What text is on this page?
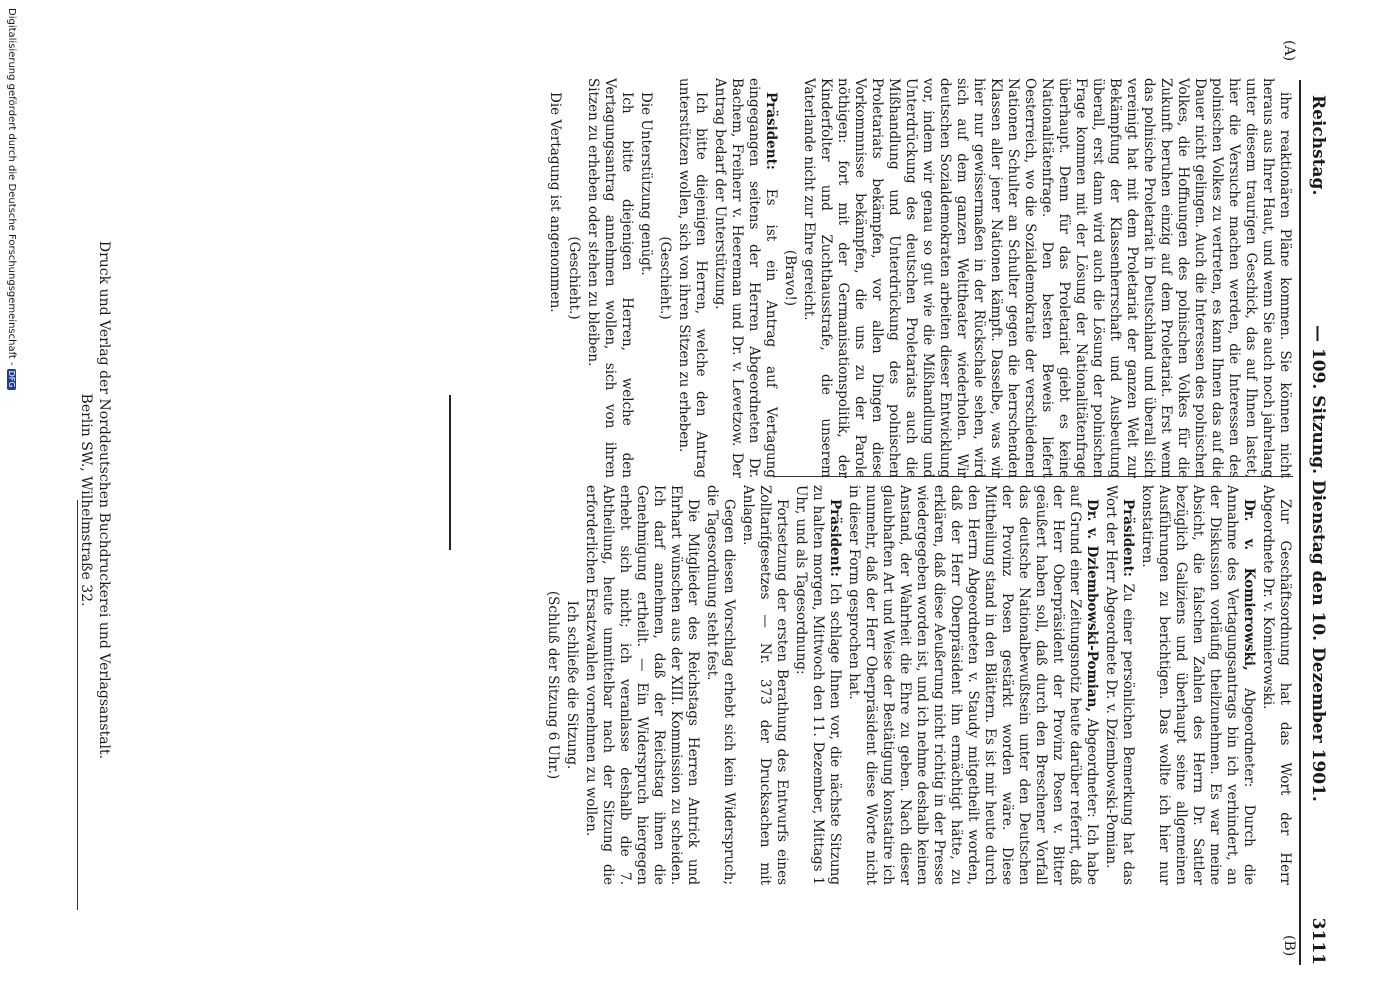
Reichstag.
— 109. Sitzung. Dienstag den 10. Dezember 1901.
3111
(A)
(B)

ihre reaktionären Pläne kommen. Sie können nicht heraus aus Ihrer Haut, und wenn Sie auch noch jahrelang unter diesem traurigen Geschick, das auf Ihnen lastet, hier die Versuche machen werden, die Interessen des polnischen Volkes zu vertreten, es kann Ihnen das auf die Dauer nicht gelingen. Auch die Interessen des polnischen Volkes, die Hoffnungen des polnischen Volkes für die Zukunft beruhen einzig auf dem Proletariat. Erst wenn das polnische Proletariat in Deutschland und überall sich vereinigt hat mit dem Proletariat der ganzen Welt zur Bekämpfung der Klassenherrschaft und Ausbeutung überall, erst dann wird auch die Lösung der polnischen Frage kommen mit der Lösung der Nationalitätenfrage überhaupt. Denn für das Proletariat giebt es keine Nationalitätenfrage. Den besten Beweis liefert Oesterreich, wo die Sozialdemokratie der verschiedenen Nationen Schulter an Schulter gegen die herrschenden Klassen aller jener Nationen kämpft. Dasselbe, was wir hier nur gewissermaßen in der Rückschale sehen, wird sich auf dem ganzen Welttheater wiederholen. Wir deutschen Sozialdemokraten arbeiten dieser Entwicklung vor, indem wir genau so gut wie die Mißhandlung und Unterdrückung des deutschen Proletariats auch die Mißhandlung und Unterdrückung des polnischen Proletariats bekämpfen, vor allen Dingen diese Vorkommnisse bekämpfen, die uns zu der Parole nöthigen: fort mit der Germanisationspolitik, der Kinderfolter und Zuchthausstrafe, die unserem Vaterlande nicht zur Ehre gereicht.

(Bravo!)

Präsident: Es ist ein Antrag auf Vertagung eingegangen seitens der Herren Abgeordneten Dr. Bachem, Freiherr v. Heereman und Dr. v. Levetzow. Der Antrag bedarf der Unterstützung.

Ich bitte diejenigen Herren, welche den Antrag unterstützen wollen, sich von ihren Sitzen zu erheben.

(Geschieht.)

Die Unterstützung genügt.

Ich bitte diejenigen Herren, welche den Vertagungsantrag annehmen wollen, sich von ihren Sitzen zu erheben oder stehen zu bleiben.

(Geschieht.)

Die Vertagung ist angenommen.

Zur Geschäftsordnung hat das Wort der Herr Abgeordnete Dr. v. Komierowski.

Dr. v. Komierowski, Abgeordneter: Durch die Annahme des Vertagungsantrags bin ich verhindert, an der Diskussion vorläufig theilzunehmen. Es war meine Absicht, die falschen Zahlen des Herrn Dr. Sattler bezüglich Galiziens und überhaupt seine allgemeinen Ausführungen zu berichtigen. Das wollte ich hier nur konstatiren.

Präsident: Zu einer persönlichen Bemerkung hat das Wort der Herr Abgeordnete Dr. v. Dziembowski-Pomian.

Dr. v. Dziembowski-Pomian, Abgeordneter: Ich habe auf Grund einer Zeitungsnotiz heute darüber referirt, daß der Herr Oberpräsident der Provinz Posen v. Bitter geäußert haben soll, daß durch den Breschener Vorfall das deutsche Nationalbewußtsein unter den Deutschen der Provinz Posen gestärkt worden wäre. Diese Mittheilung stand in den Blättern. Es ist mir heute durch den Herrn Abgeordneten v. Staudy mitgetheilt worden, daß der Herr Oberpräsident ihn ermächtigt hätte, zu erklären, daß diese Aeußerung nicht richtig in der Presse wiedergegeben worden ist, und ich nehme deshalb keinen Anstand, der Wahrheit die Ehre zu geben. Nach dieser glaubhaften Art und Weise der Bestätigung konstatire ich nunmehr, daß der Herr Oberpräsident diese Worte nicht in dieser Form gesprochen hat.

Präsident: Ich schlage Ihnen vor, die nächste Sitzung zu halten morgen, Mittwoch den 11. Dezember, Mittags 1 Uhr, und als Tagesordnung:

Fortsetzung der ersten Berathung des Entwurfs eines Zolltarifgesetzes — Nr. 373 der Drucksachen mit Anlagen.

Gegen diesen Vorschlag erhebt sich kein Widerspruch; die Tagesordnung steht fest.

Die Mitglieder des Reichstags Herren Antrick und Ehrhart wünschen aus der XIII. Kommission zu scheiden. Ich darf annehmen, daß der Reichstag ihnen die Genehmigung ertheilt. — Ein Widerspruch hiergegen erhebt sich nicht; ich veranlasse deshalb die 7. Abtheilung, heute unmittelbar nach der Sitzung die erforderlichen Ersatzwahlen vornehmen zu wollen.

Ich schließe die Sitzung.

(Schluß der Sitzung 6 Uhr.)

Druck und Verlag der Norddeutschen Buchdruckerei und Verlagsanstalt.
Berlin SW., Wilhelmstraße 32.
Digitalisierung gefördert durch die Deutsche Forschungsgemeinschaft -DFG
